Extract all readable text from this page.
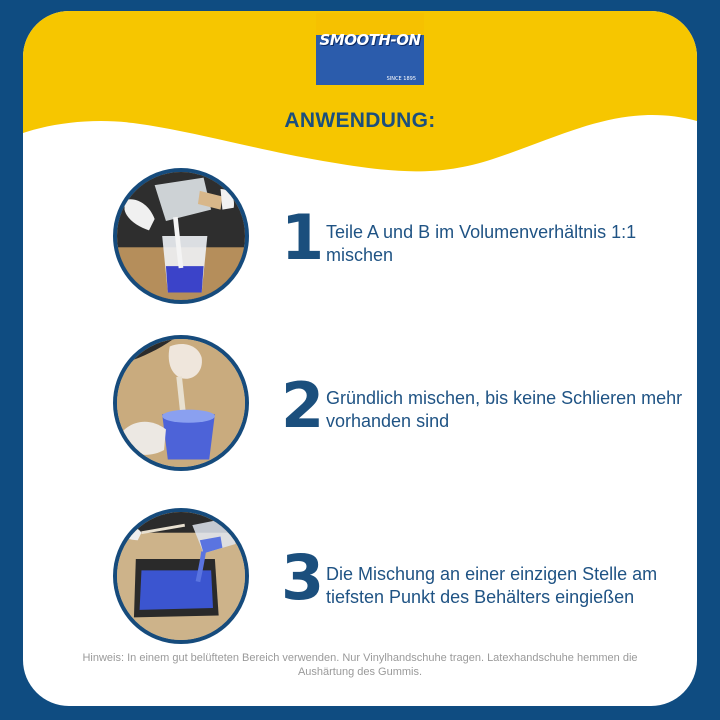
SINCE 1895
SMOOTH-ON
ANWENDUNG:
1 Teile A und B im Volumenverhältnis 1:1 mischen
2 Gründlich mischen, bis keine Schlieren mehr vorhanden sind
3 Die Mischung an einer einzigen Stelle am tiefsten Punkt des Behälters eingießen
Hinweis: In einem gut belüfteten Bereich verwenden. Nur Vinylhandschuhe tragen. Latexhandschuhe hemmen die Aushärtung des Gummis.
